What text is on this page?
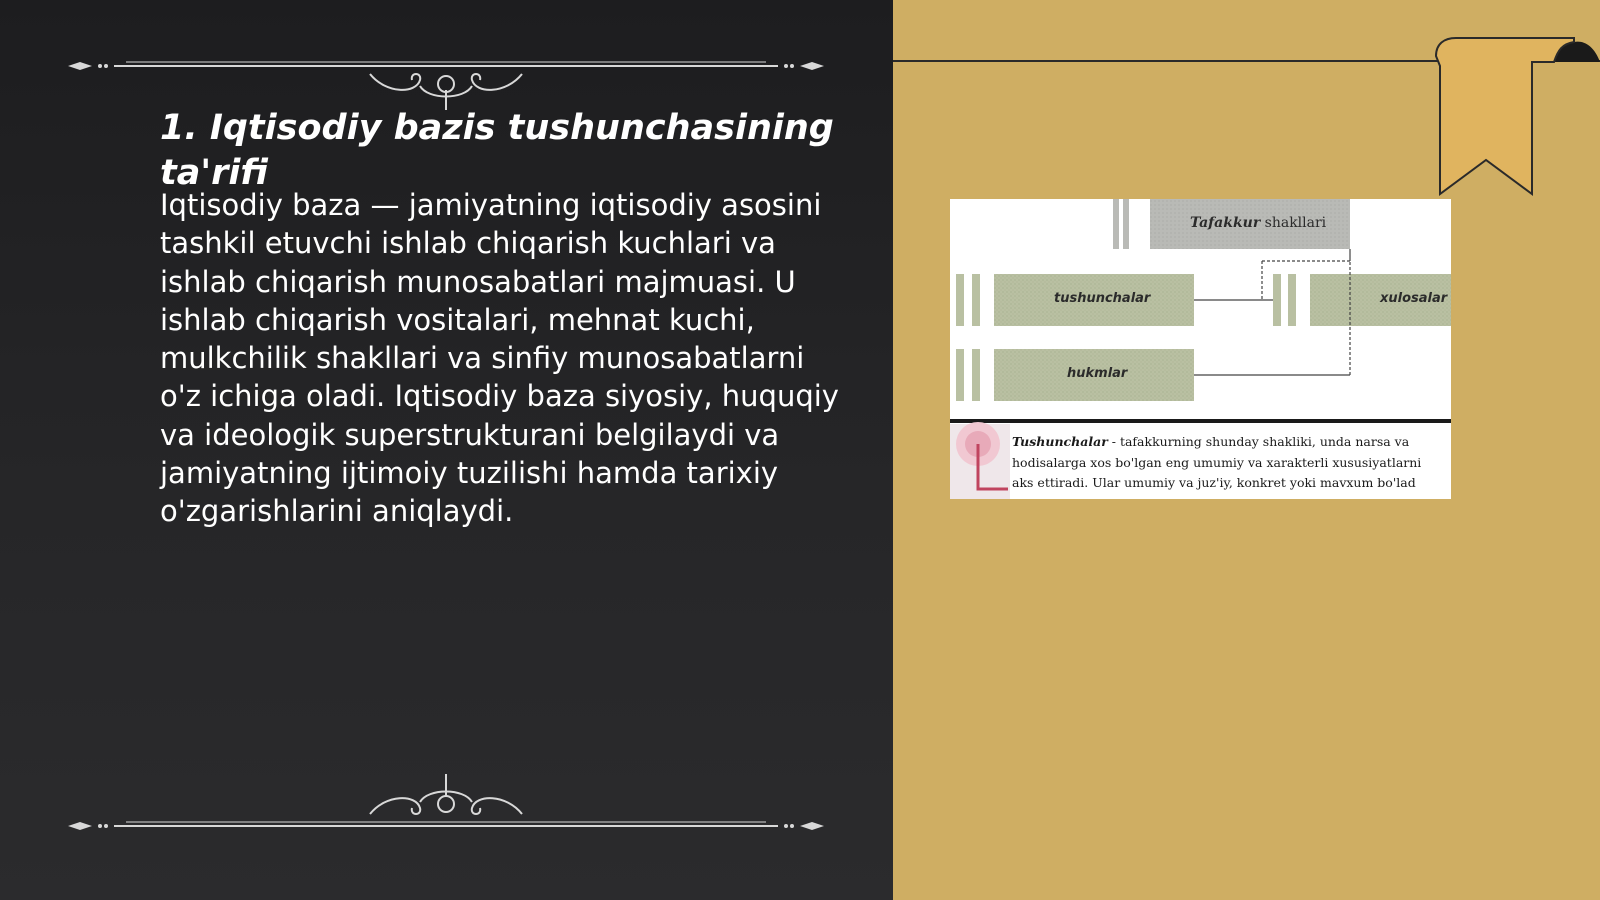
1. Iqtisodiy bazis tushunchasining ta'rifi

Iqtisodiy baza — jamiyatning iqtisodiy asosini tashkil etuvchi ishlab chiqarish kuchlari va ishlab chiqarish munosabatlari majmuasi. U ishlab chiqarish vositalari, mehnat kuchi, mulkchilik shakllari va sinfiy munosabatlarni o'z ichiga oladi. Iqtisodiy baza siyosiy, huquqiy va ideologik superstrukturani belgilaydi va jamiyatning ijtimoiy tuzilishi hamda tarixiy o'zgarishlarini aniqlaydi.

Tafakkur shakllari
tushunchalar
hukmlar
xulosalar
Tushunchalar - tafakkurning shunday shakliki, unda narsa va
hodisalarga xos bo'lgan eng umumiy va xarakterli xususiyatlarni
aks ettiradi. Ular umumiy va juz'iy, konkret yoki mavxum bo'lad
